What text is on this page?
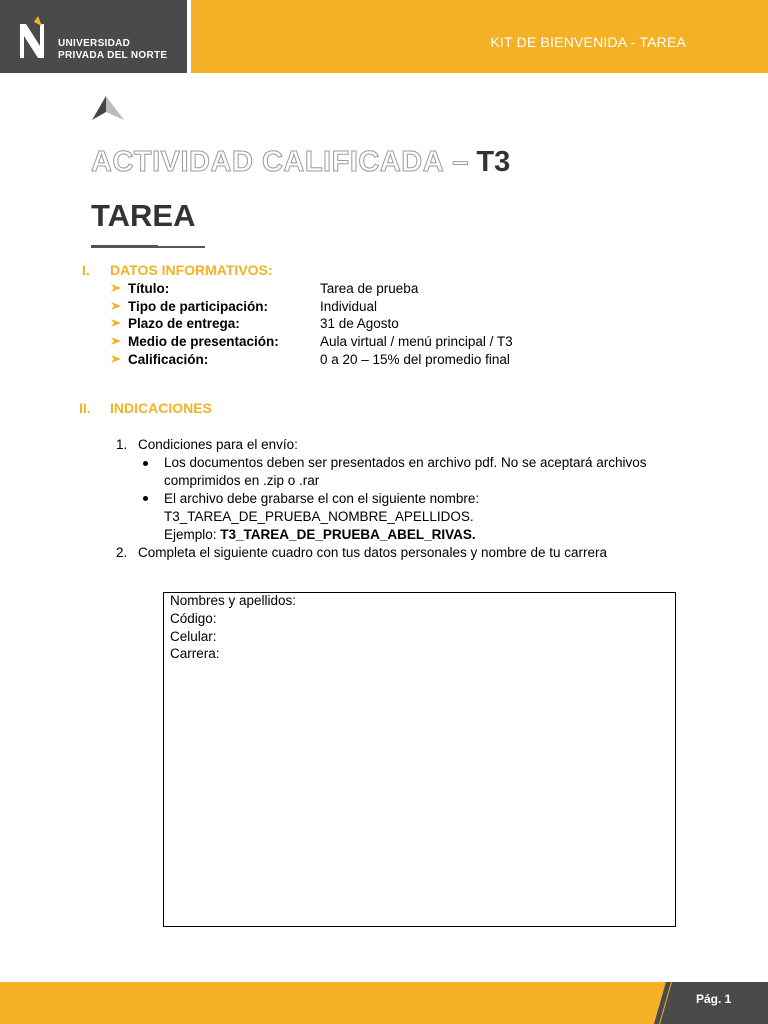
UNIVERSIDAD
PRIVADA DEL NORTE
KIT DE BIENVENIDA - TAREA
ACTIVIDAD CALIFICADA – T3
TAREA
I. DATOS INFORMATIVOS:
Título:	Tarea de prueba
Tipo de participación:	Individual
Plazo de entrega:	31 de Agosto
Medio de presentación:	Aula virtual / menú principal / T3
Calificación:	0 a 20 – 15% del promedio final
II. INDICACIONES
1. Condiciones para el envío:
Los documentos deben ser presentados en archivo pdf. No se aceptará archivos
comprimidos en .zip o .rar
El archivo debe grabarse el con el siguiente nombre:
T3_TAREA_DE_PRUEBA_NOMBRE_APELLIDOS.
Ejemplo: T3_TAREA_DE_PRUEBA_ABEL_RIVAS.
2. Completa el siguiente cuadro con tus datos personales y nombre de tu carrera
Nombres y apellidos:
Código:
Celular:
Carrera:
Pág. 1
